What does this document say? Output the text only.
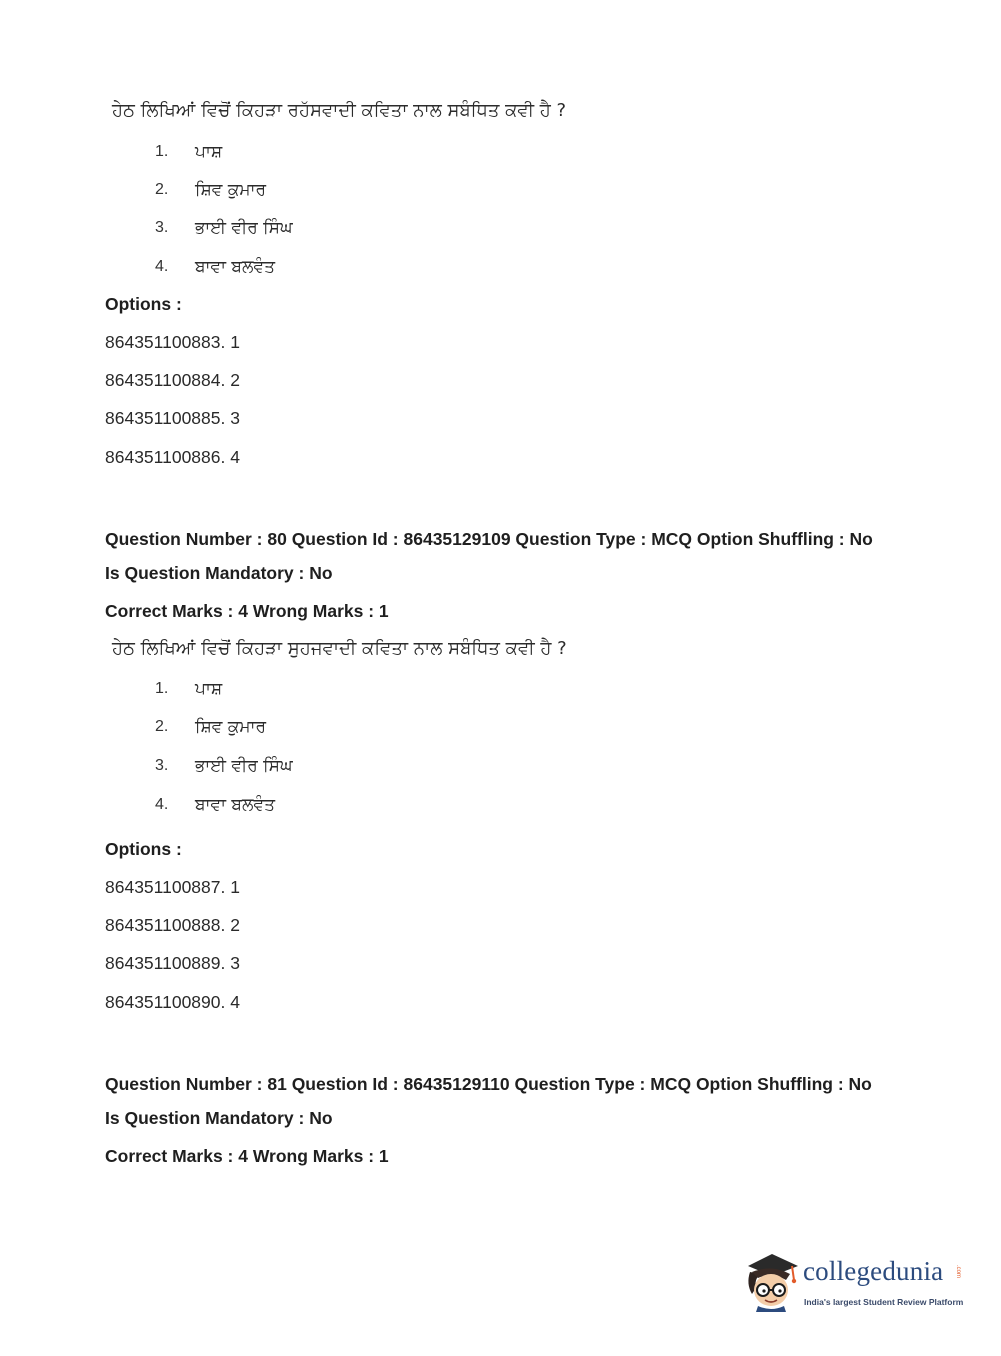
ਹੇਠ ਲਿਖਿਆਂ ਵਿਚੋਂ ਕਿਹੜਾ ਰਹੱਸਵਾਦੀ ਕਵਿਤਾ ਨਾਲ ਸਬੰਧਿਤ ਕਵੀ ਹੈ ?
1.	ਪਾਸ਼
2.	ਸ਼ਿਵ ਕੁਮਾਰ
3.	ਭਾਈ ਵੀਰ ਸਿੰਘ
4.	ਬਾਵਾ ਬਲਵੰਤ
Options :
864351100883. 1
864351100884. 2
864351100885. 3
864351100886. 4
Question Number : 80 Question Id : 86435129109 Question Type : MCQ Option Shuffling : No
Is Question Mandatory : No
Correct Marks : 4 Wrong Marks : 1
ਹੇਠ ਲਿਖਿਆਂ ਵਿਚੋਂ ਕਿਹੜਾ ਸੁਹਜਵਾਦੀ ਕਵਿਤਾ ਨਾਲ ਸਬੰਧਿਤ ਕਵੀ ਹੈ ?
1.	ਪਾਸ਼
2.	ਸ਼ਿਵ ਕੁਮਾਰ
3.	ਭਾਈ ਵੀਰ ਸਿੰਘ
4.	ਬਾਵਾ ਬਲਵੰਤ
Options :
864351100887. 1
864351100888. 2
864351100889. 3
864351100890. 4
Question Number : 81 Question Id : 86435129110 Question Type : MCQ Option Shuffling : No
Is Question Mandatory : No
Correct Marks : 4 Wrong Marks : 1
collegedunia .com
India's largest Student Review Platform
